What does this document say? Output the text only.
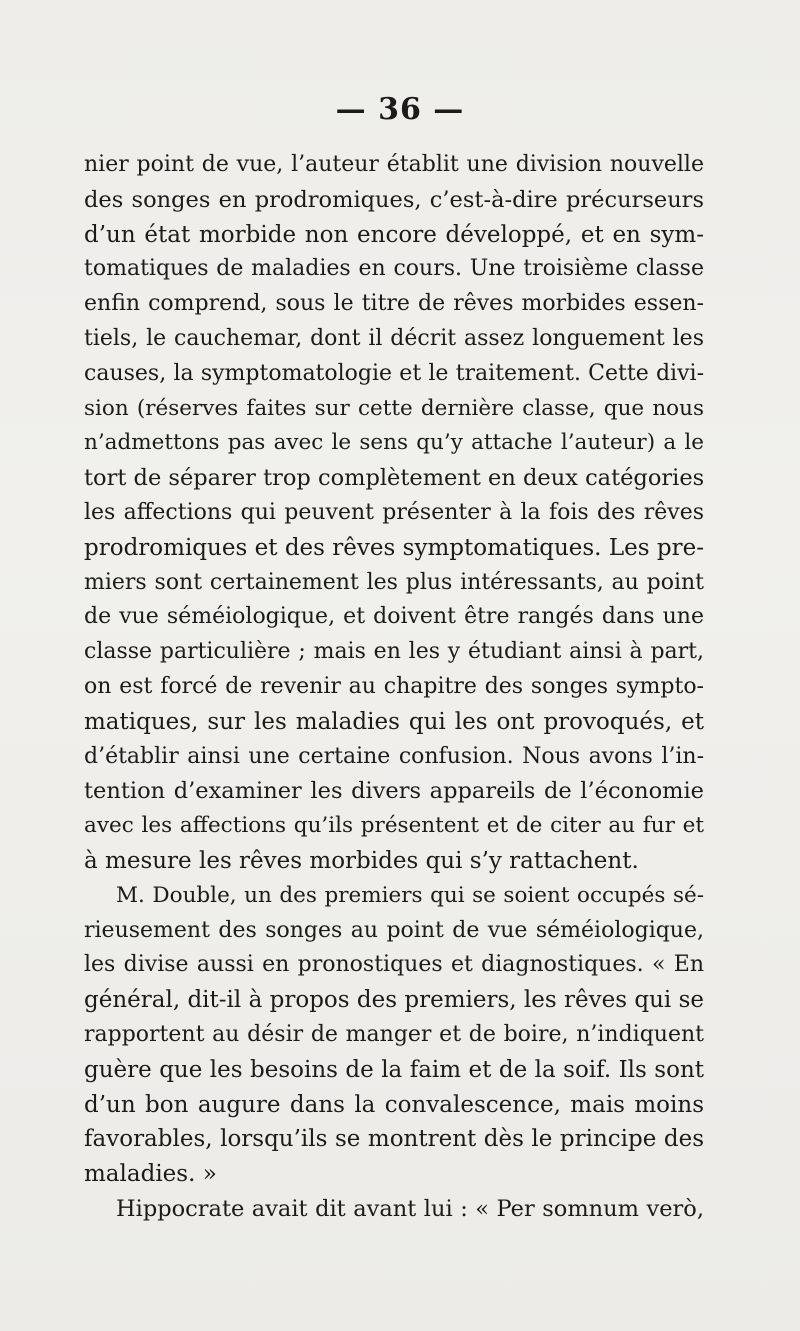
— 36 —
nier point de vue, l’auteur établit une division nouvelle
des songes en prodromiques, c’est-à-dire précurseurs
d’un état morbide non encore développé, et en sym-
tomatiques de maladies en cours. Une troisième classe
enfin comprend, sous le titre de rêves morbides essen-
tiels, le cauchemar, dont il décrit assez longuement les
causes, la symptomatologie et le traitement. Cette divi-
sion (réserves faites sur cette dernière classe, que nous
n’admettons pas avec le sens qu’y attache l’auteur) a le
tort de séparer trop complètement en deux catégories
les affections qui peuvent présenter à la fois des rêves
prodromiques et des rêves symptomatiques. Les pre-
miers sont certainement les plus intéressants, au point
de vue séméiologique, et doivent être rangés dans une
classe particulière ; mais en les y étudiant ainsi à part,
on est forcé de revenir au chapitre des songes sympto-
matiques, sur les maladies qui les ont provoqués, et
d’établir ainsi une certaine confusion. Nous avons l’in-
tention d’examiner les divers appareils de l’économie
avec les affections qu’ils présentent et de citer au fur et
à mesure les rêves morbides qui s’y rattachent.
M. Double, un des premiers qui se soient occupés sé-
rieusement des songes au point de vue séméiologique,
les divise aussi en pronostiques et diagnostiques. « En
général, dit-il à propos des premiers, les rêves qui se
rapportent au désir de manger et de boire, n’indiquent
guère que les besoins de la faim et de la soif. Ils sont
d’un bon augure dans la convalescence, mais moins
favorables, lorsqu’ils se montrent dès le principe des
maladies. »
Hippocrate avait dit avant lui : « Per somnum verò,
